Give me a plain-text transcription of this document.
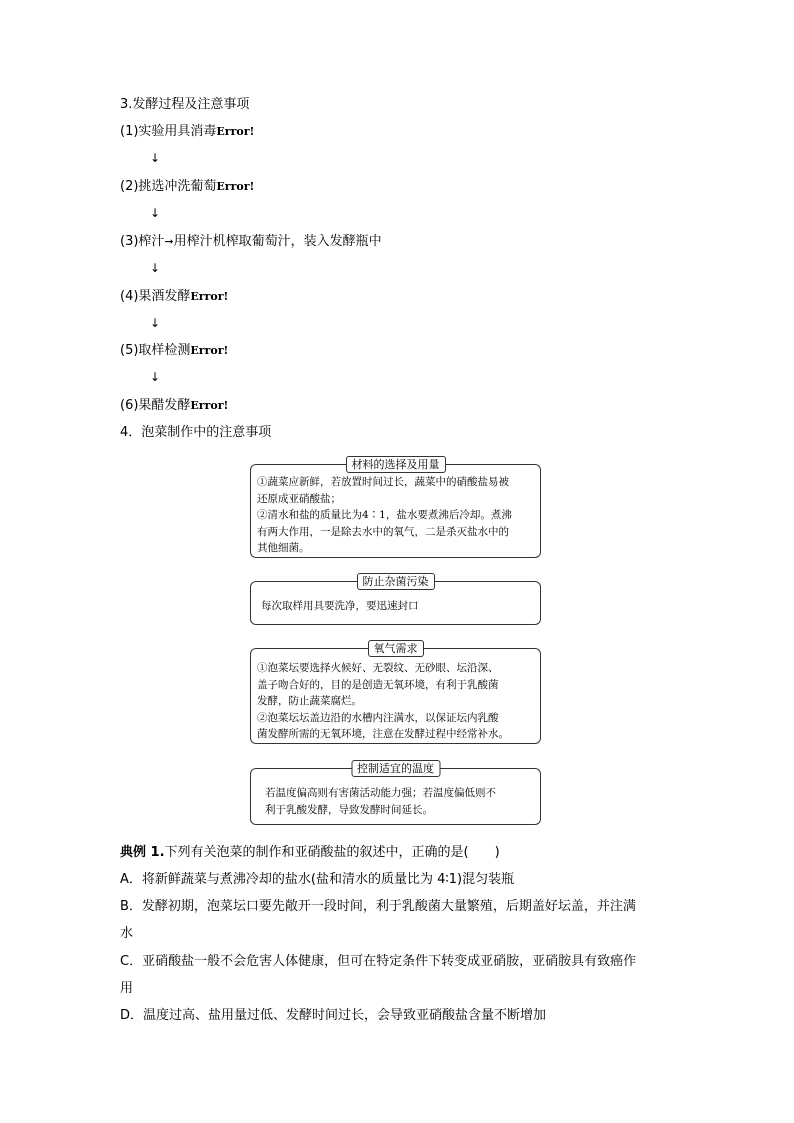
3.发酵过程及注意事项
(1)实验用具消毒Error!
↓
(2)挑选冲洗葡萄Error!
↓
(3)榨汁➞用榨汁机榨取葡萄汁，装入发酵瓶中
↓
(4)果酒发酵Error!
↓
(5)取样检测Error!
↓
(6)果醋发酵Error!
4．泡菜制作中的注意事项
材料的选择及用量
①蔬菜应新鲜，若放置时间过长，蔬菜中的硝酸盐易被
还原成亚硝酸盐；
②清水和盐的质量比为4∶1，盐水要煮沸后冷却。煮沸
有两大作用，一是除去水中的氧气，二是杀灭盐水中的
其他细菌。
防止杂菌污染
每次取样用具要洗净，要迅速封口
氧气需求
①泡菜坛要选择火候好、无裂纹、无砂眼、坛沿深、
盖子吻合好的，目的是创造无氧环境，有利于乳酸菌
发酵，防止蔬菜腐烂。
②泡菜坛坛盖边沿的水槽内注满水，以保证坛内乳酸
菌发酵所需的无氧环境，注意在发酵过程中经常补水。
控制适宜的温度
若温度偏高则有害菌活动能力强；若温度偏低则不
利于乳酸发酵，导致发酵时间延长。
典例 1.下列有关泡菜的制作和亚硝酸盐的叙述中，正确的是(　　)
A．将新鲜蔬菜与煮沸冷却的盐水(盐和清水的质量比为 4∶1)混匀装瓶
B．发酵初期，泡菜坛口要先敞开一段时间，利于乳酸菌大量繁殖，后期盖好坛盖，并注满
水
C．亚硝酸盐一般不会危害人体健康，但可在特定条件下转变成亚硝胺，亚硝胺具有致癌作
用
D．温度过高、盐用量过低、发酵时间过长，会导致亚硝酸盐含量不断增加
